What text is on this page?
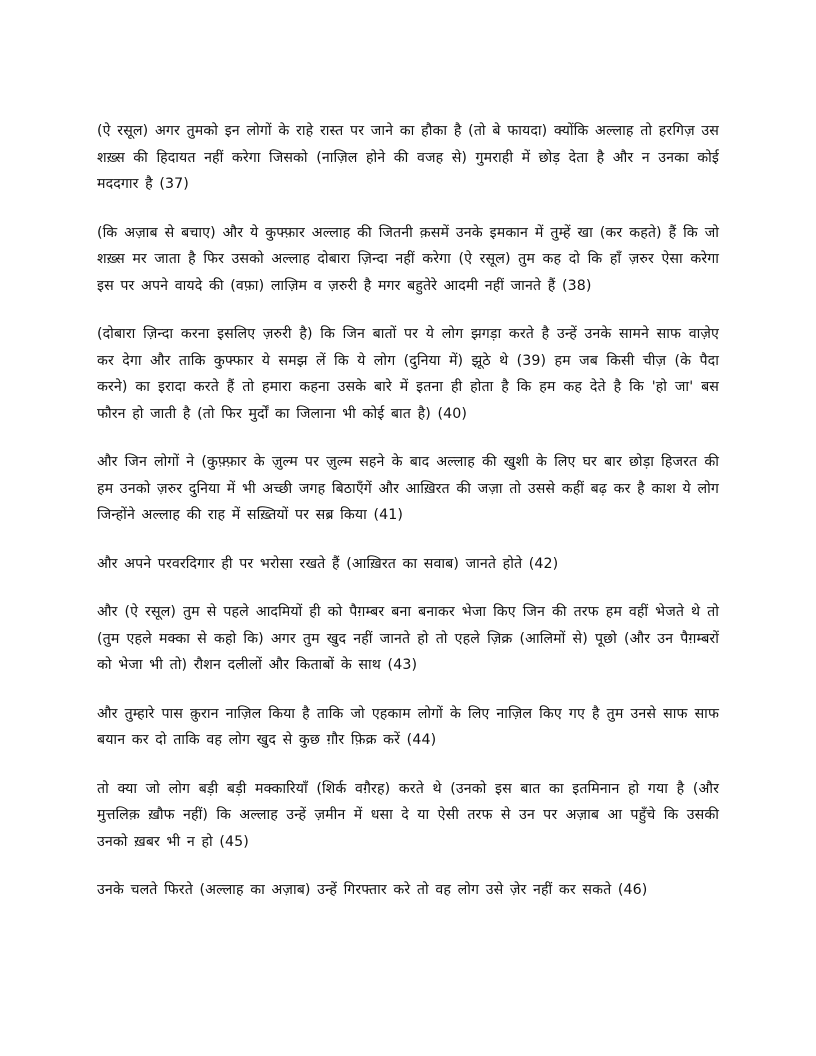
(ऐ रसूल) अगर तुमको इन लोगों के राहे रास्त पर जाने का हौका है (तो बे फायदा) क्योंकि अल्लाह तो हरगिज़ उस शख़्स की हिदायत नहीं करेगा जिसको (नाज़िल होने की वजह से) गुमराही में छोड़ देता है और न उनका कोई मददगार है (37)

(कि अज़ाब से बचाए) और ये कुफ्फ़ार अल्लाह की जितनी क़समें उनके इमकान में तुम्हें खा (कर कहते) हैं कि जो शख़्स मर जाता है फिर उसको अल्लाह दोबारा ज़िन्दा नहीं करेगा (ऐ रसूल) तुम कह दो कि हाँ ज़रुर ऐसा करेगा इस पर अपने वायदे की (वफ़ा) लाज़िम व ज़रुरी है मगर बहुतेरे आदमी नहीं जानते हैं (38)

(दोबारा ज़िन्दा करना इसलिए ज़रुरी है) कि जिन बातों पर ये लोग झगड़ा करते है उन्हें उनके सामने साफ वाज़ेए कर देगा और ताकि कुफ्फार ये समझ लें कि ये लोग (दुनिया में) झूठे थे (39) हम जब किसी चीज़ (के पैदा करने) का इरादा करते हैं तो हमारा कहना उसके बारे में इतना ही होता है कि हम कह देते है कि 'हो जा' बस फौरन हो जाती है (तो फिर मुर्दों का जिलाना भी कोई बात है) (40)

और जिन लोगों ने (कुफ़्फ़ार के ज़ुल्म पर ज़ुल्म सहने के बाद अल्लाह की खुशी के लिए घर बार छोड़ा हिजरत की हम उनको ज़रुर दुनिया में भी अच्छी जगह बिठाएँगें और आख़िरत की जज़ा तो उससे कहीं बढ़ कर है काश ये लोग जिन्होंने अल्लाह की राह में सख़्तियों पर सब्र किया (41)

और अपने परवरदिगार ही पर भरोसा रखते हैं (आख़िरत का सवाब) जानते होते (42)

और (ऐ रसूल) तुम से पहले आदमियों ही को पैग़म्बर बना बनाकर भेजा किए जिन की तरफ हम वहीं भेजते थे तो (तुम एहले मक्का से कहो कि) अगर तुम खुद नहीं जानते हो तो एहले ज़िक्र (आलिमों से) पूछो (और उन पैग़म्बरों को भेजा भी तो) रौशन दलीलों और किताबों के साथ (43)

और तुम्हारे पास क़ुरान नाज़िल किया है ताकि जो एहकाम लोगों के लिए नाज़िल किए गए है तुम उनसे साफ साफ बयान कर दो ताकि वह लोग खुद से कुछ ग़ौर फ़िक्र करें (44)

तो क्या जो लोग बड़ी बड़ी मक्कारियाँ (शिर्क वग़ैरह) करते थे (उनको इस बात का इतमिनान हो गया है (और मुत्तलिक़ ख़ौफ नहीं) कि अल्लाह उन्हें ज़मीन में धसा दे या ऐसी तरफ से उन पर अज़ाब आ पहुँचे कि उसकी उनको ख़बर भी न हो (45)

उनके चलते फिरते (अल्लाह का अज़ाब) उन्हें गिरफ्तार करे तो वह लोग उसे ज़ेर नहीं कर सकते (46)
